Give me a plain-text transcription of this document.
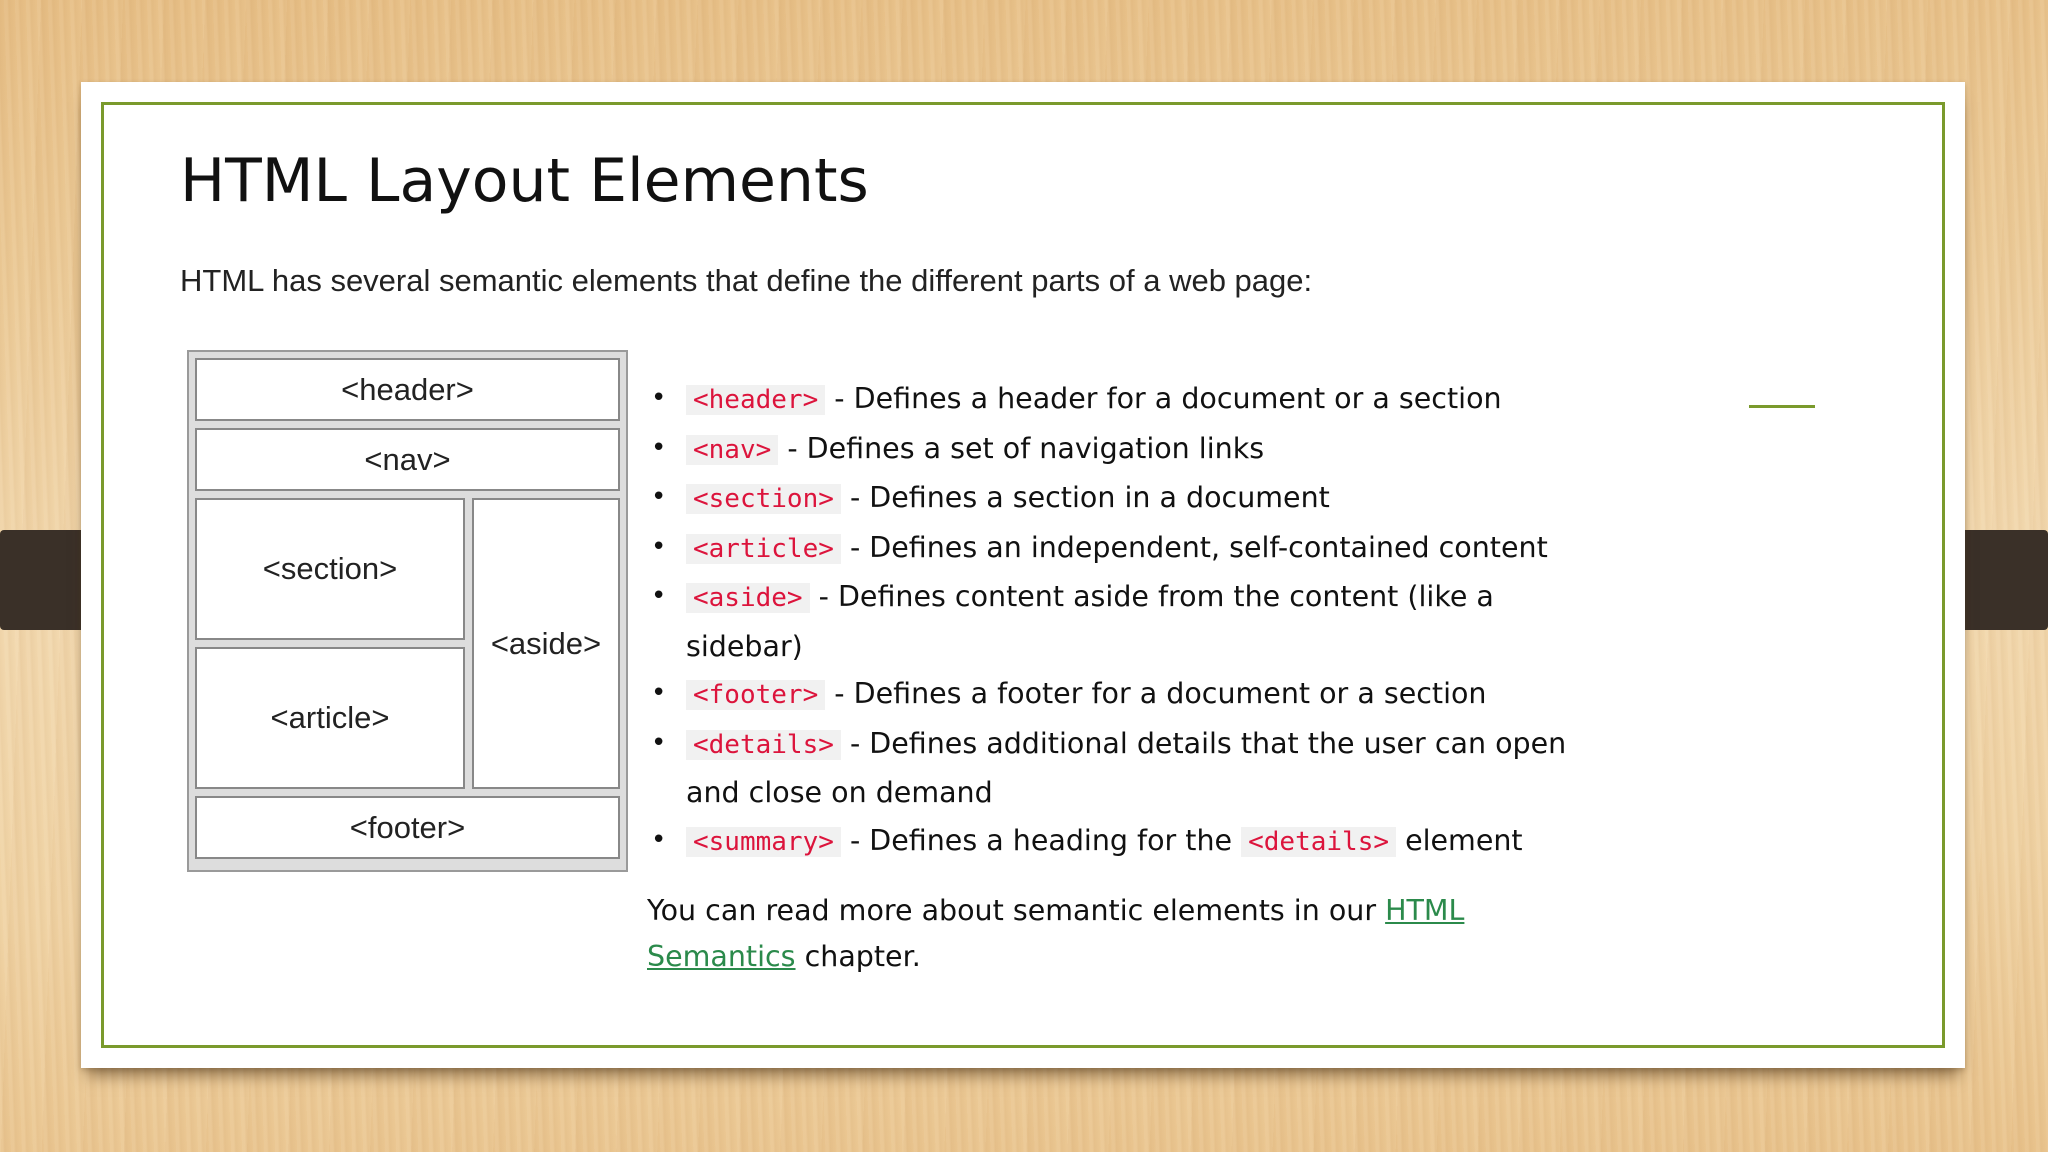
HTML Layout Elements

HTML has several semantic elements that define the different parts of a web page:

<header>
<nav>
<section>
<article>
<aside>
<footer>
• <header> - Defines a header for a document or a section
• <nav> - Defines a set of navigation links
• <section> - Defines a section in a document
• <article> - Defines an independent, self-contained content
• <aside> - Defines content aside from the content (like a
sidebar)
• <footer> - Defines a footer for a document or a section
• <details> - Defines additional details that the user can open
and close on demand
• <summary> - Defines a heading for the <details> element

You can read more about semantic elements in our HTML
Semantics chapter.
